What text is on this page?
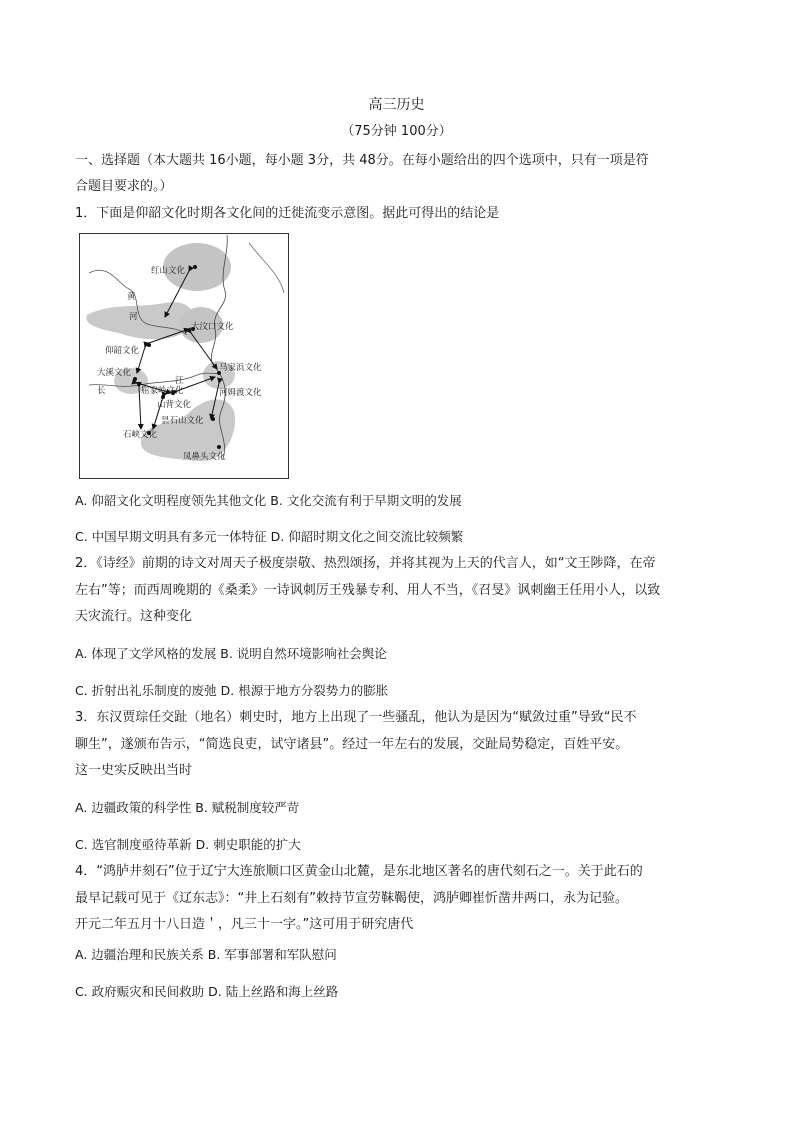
高三历史
（75分钟 100分）
一、选择题（本大题共 16小题，每小题 3分，共 48分。在每小题给出的四个选项中，只有一项是符
合题目要求的。）
1．下面是仰韶文化时期各文化间的迁徙流变示意图。据此可得出的结论是
红山文化
黄
河
大汶口文化
仰韶文化
马家浜文化
大溪文化
长
江
屈家岭文化
山背文化
河姆渡文化
昙石山文化
石峡文化
凤鼻头文化
A. 仰韶文化文明程度领先其他文化 B. 文化交流有利于早期文明的发展
C. 中国早期文明具有多元一体特征 D. 仰韶时期文化之间交流比较频繁
2．《诗经》前期的诗文对周天子极度崇敬、热烈颂扬，并将其视为上天的代言人，如“文王陟降，在帝
左右”等；而西周晚期的《桑柔》一诗讽刺厉王残暴专利、用人不当，《召旻》讽刺幽王任用小人，以致
天灾流行。这种变化
A. 体现了文学风格的发展 B. 说明自然环境影响社会舆论
C. 折射出礼乐制度的废弛 D. 根源于地方分裂势力的膨胀
3．东汉贾琮任交趾（地名）刺史时，地方上出现了一些骚乱，他认为是因为“赋敛过重”导致“民不
聊生”，遂颁布告示，“简选良吏，试守诸县”。经过一年左右的发展，交趾局势稳定，百姓平安。
这一史实反映出当时
A. 边疆政策的科学性 B. 赋税制度较严苛
C. 选官制度亟待革新 D. 刺史职能的扩大
4．“鸿胪井刻石”位于辽宁大连旅顺口区黄金山北麓，是东北地区著名的唐代刻石之一。关于此石的
最早记载可见于《辽东志》：“井上石刻有”敕持节宣劳靺鞨使，鸿胪卿崔忻凿井两口，永为记验。
开元二年五月十八日造＇，凡三十一字。”这可用于研究唐代
A. 边疆治理和民族关系 B. 军事部署和军队慰问
C. 政府赈灾和民间救助 D. 陆上丝路和海上丝路
